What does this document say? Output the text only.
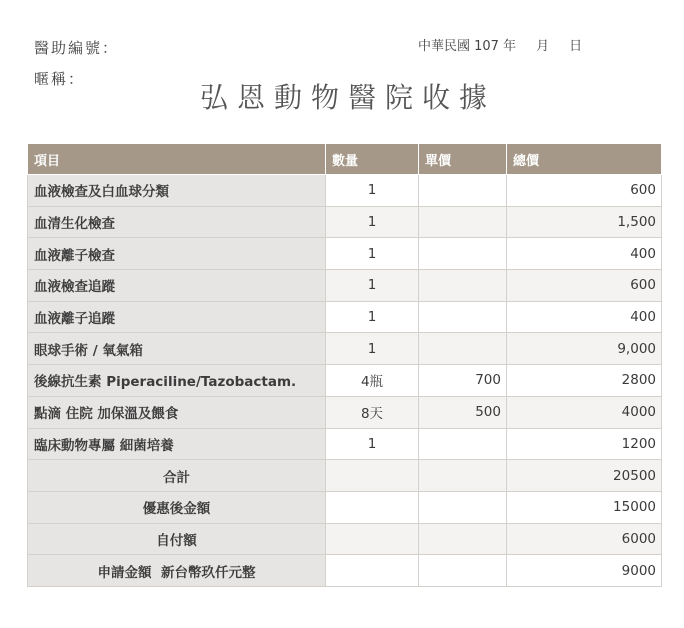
醫助編號：
暱稱：
中華民國 107 年 月 日
弘恩動物醫院收據
項目	數量	單價	總價
血液檢查及白血球分類	1		600
血清生化檢查	1		1,500
血液離子檢查	1		400
血液檢查追蹤	1		600
血液離子追蹤	1		400
眼球手術 / 氧氣箱	1		9,000
後線抗生素 Piperaciline/Tazobactam.	4瓶	700	2800
點滴 住院 加保溫及餵食	8天	500	4000
臨床動物專屬 細菌培養	1		1200
合計			20500
優惠後金額			15000
自付額			6000
申請金額  新台幣玖仟元整			9000
